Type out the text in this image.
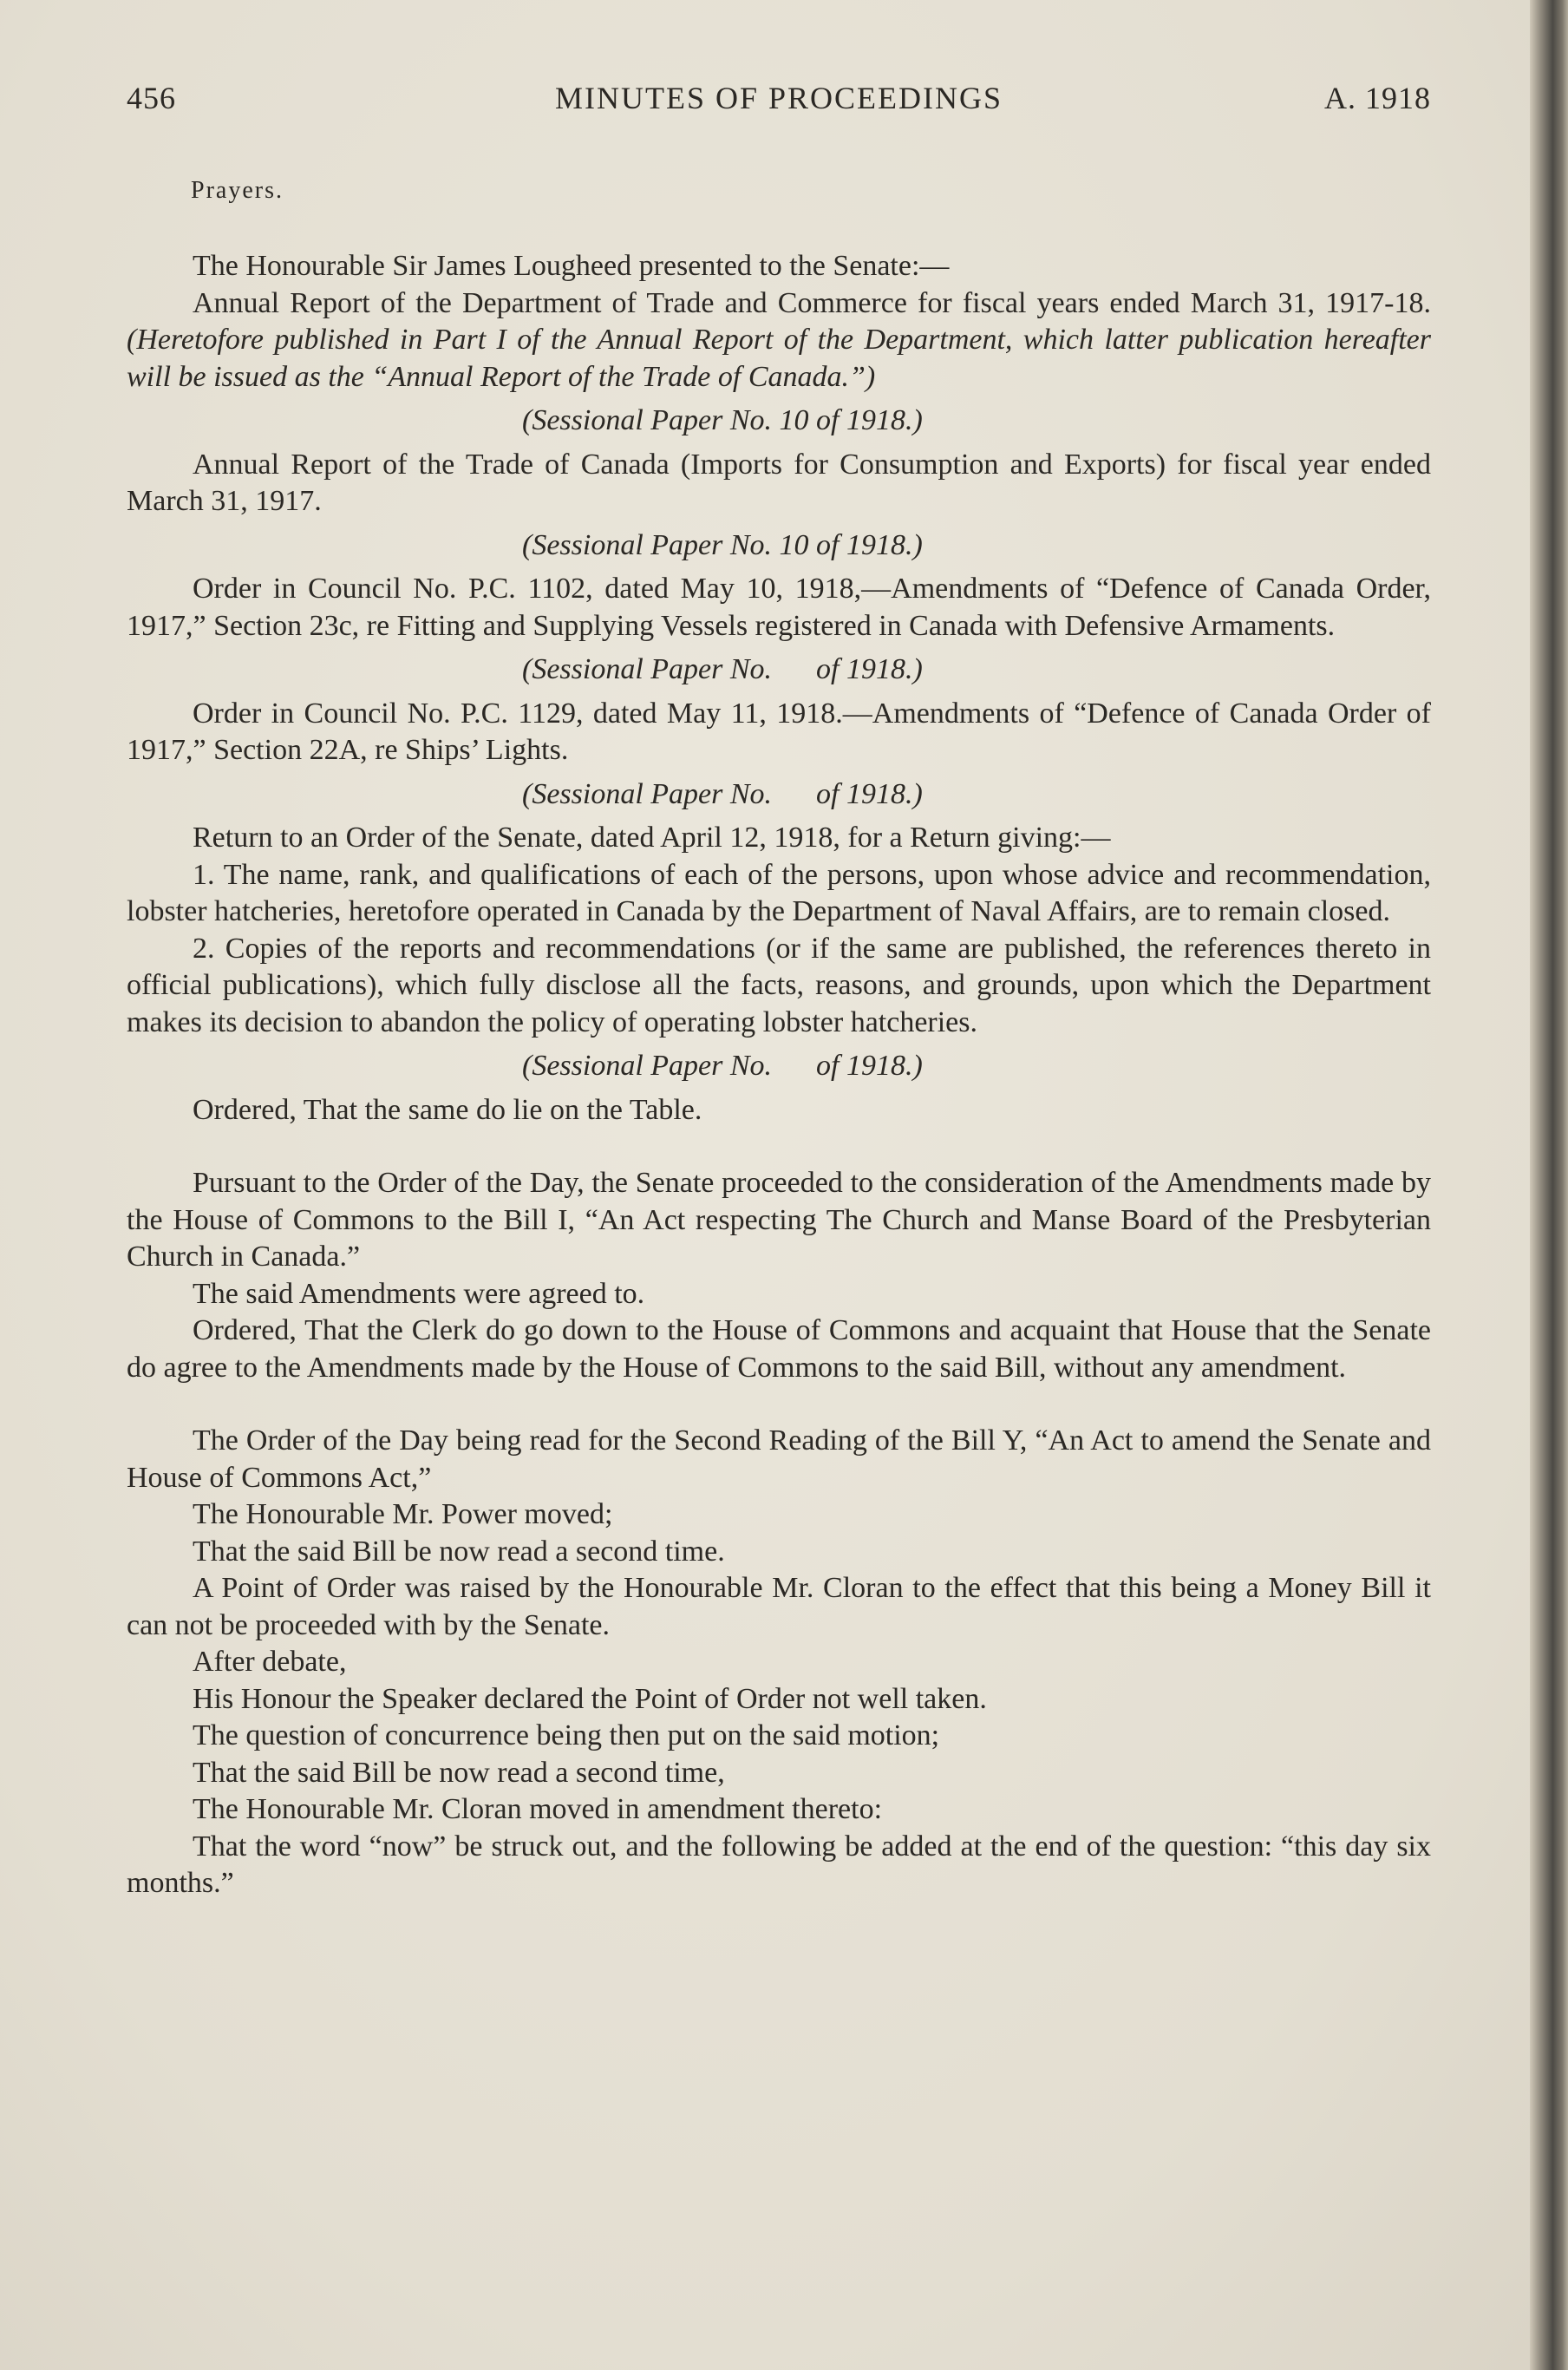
MINUTES OF PROCEEDINGS
456	A. 1918
Prayers.

The Honourable Sir James Lougheed presented to the Senate:—

Annual Report of the Department of Trade and Commerce for fiscal years ended March 31, 1917-18. (Heretofore published in Part I of the Annual Report of the Department, which latter publication hereafter will be issued as the “Annual Report of the Trade of Canada.”)

(Sessional Paper No. 10 of 1918.)

Annual Report of the Trade of Canada (Imports for Consumption and Exports) for fiscal year ended March 31, 1917.

(Sessional Paper No. 10 of 1918.)

Order in Council No. P.C. 1102, dated May 10, 1918,—Amendments of “Defence of Canada Order, 1917,” Section 23c, re Fitting and Supplying Vessels registered in Canada with Defensive Armaments.

(Sessional Paper No.      of 1918.)

Order in Council No. P.C. 1129, dated May 11, 1918.—Amendments of “Defence of Canada Order of 1917,” Section 22A, re Ships’ Lights.

(Sessional Paper No.      of 1918.)

Return to an Order of the Senate, dated April 12, 1918, for a Return giving:—

1. The name, rank, and qualifications of each of the persons, upon whose advice and recommendation, lobster hatcheries, heretofore operated in Canada by the Department of Naval Affairs, are to remain closed.

2. Copies of the reports and recommendations (or if the same are published, the references thereto in official publications), which fully disclose all the facts, reasons, and grounds, upon which the Department makes its decision to abandon the policy of operating lobster hatcheries.

(Sessional Paper No.      of 1918.)

Ordered, That the same do lie on the Table.

Pursuant to the Order of the Day, the Senate proceeded to the consideration of the Amendments made by the House of Commons to the Bill I, “An Act respecting The Church and Manse Board of the Presbyterian Church in Canada.”

The said Amendments were agreed to.

Ordered, That the Clerk do go down to the House of Commons and acquaint that House that the Senate do agree to the Amendments made by the House of Commons to the said Bill, without any amendment.

The Order of the Day being read for the Second Reading of the Bill Y, “An Act to amend the Senate and House of Commons Act,”

The Honourable Mr. Power moved;

That the said Bill be now read a second time.

A Point of Order was raised by the Honourable Mr. Cloran to the effect that this being a Money Bill it can not be proceeded with by the Senate.

After debate,

His Honour the Speaker declared the Point of Order not well taken.

The question of concurrence being then put on the said motion;

That the said Bill be now read a second time,

The Honourable Mr. Cloran moved in amendment thereto:

That the word “now” be struck out, and the following be added at the end of the question: “this day six months.”
